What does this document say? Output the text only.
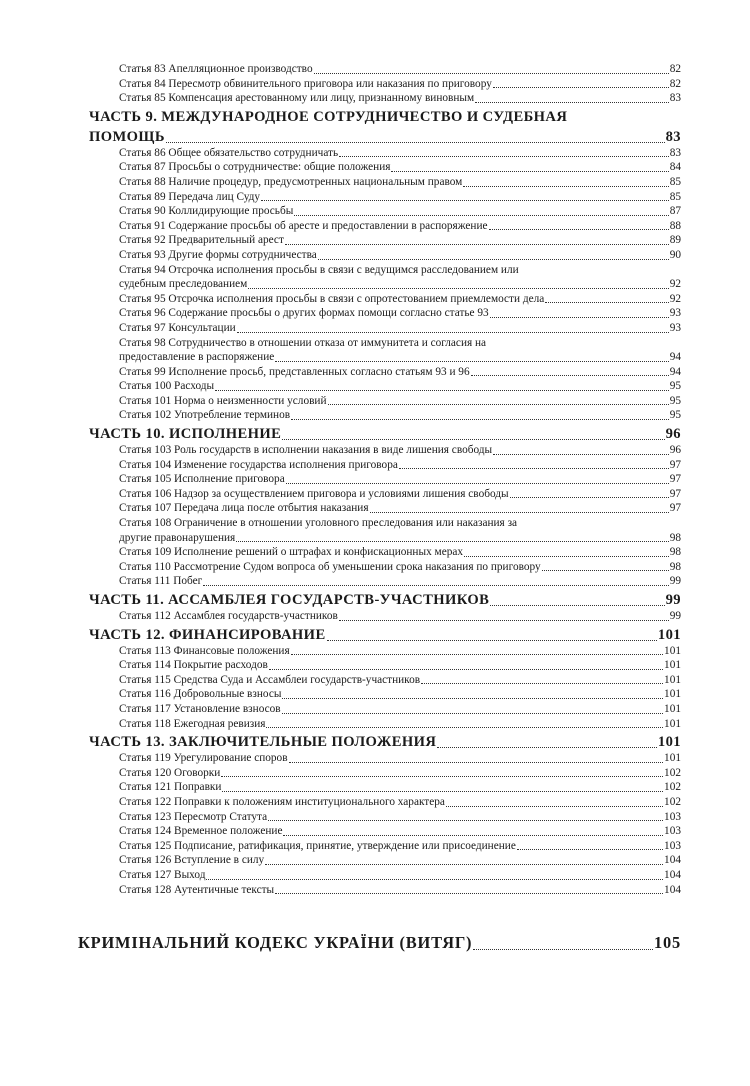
Статья 83 Апелляционное производство	82
Статья 84 Пересмотр обвинительного приговора или наказания по приговору	82
Статья 85 Компенсация арестованному или лицу, признанному виновным	83
ЧАСТЬ 9. МЕЖДУНАРОДНОЕ СОТРУДНИЧЕСТВО И СУДЕБНАЯ
ПОМОЩЬ	83
Статья 86 Общее обязательство сотрудничать	83
Статья 87 Просьбы о сотрудничестве: общие положения	84
Статья 88 Наличие процедур, предусмотренных национальным правом	85
Статья 89 Передача лиц Суду	85
Статья 90 Коллидирующие просьбы	87
Статья 91 Содержание просьбы об аресте и предоставлении в распоряжение	88
Статья 92 Предварительный арест	89
Статья 93 Другие формы сотрудничества	90
Статья 94 Отсрочка исполнения просьбы в связи с ведущимся расследованием или
судебным преследованием	92
Статья 95 Отсрочка исполнения просьбы в связи с опротестованием приемлемости дела	92
Статья 96 Содержание просьбы о других формах помощи согласно статье 93	93
Статья 97 Консультации	93
Статья 98 Сотрудничество в отношении отказа от иммунитета и согласия на
предоставление в распоряжение	94
Статья 99 Исполнение просьб, представленных согласно статьям 93 и 96	94
Статья 100 Расходы	95
Статья 101 Норма о неизменности условий	95
Статья 102 Употребление терминов	95
ЧАСТЬ 10. ИСПОЛНЕНИЕ	96
Статья 103 Роль государств в исполнении наказания в виде лишения свободы	96
Статья 104 Изменение государства исполнения приговора	97
Статья 105 Исполнение приговора	97
Статья 106 Надзор за осуществлением приговора и условиями лишения свободы	97
Статья 107 Передача лица после отбытия наказания	97
Статья 108 Ограничение в отношении уголовного преследования или наказания за
другие правонарушения	98
Статья 109 Исполнение решений о штрафах и конфискационных мерах	98
Статья 110 Рассмотрение Судом вопроса об уменьшении срока наказания по приговору	98
Статья 111 Побег	99
ЧАСТЬ 11. АССАМБЛЕЯ ГОСУДАРСТВ-УЧАСТНИКОВ	99
Статья 112 Ассамблея государств-участников	99
ЧАСТЬ 12. ФИНАНСИРОВАНИЕ	101
Статья 113 Финансовые положения	101
Статья 114 Покрытие расходов	101
Статья 115 Средства Суда и Ассамблеи государств-участников	101
Статья 116 Добровольные взносы	101
Статья 117 Установление взносов	101
Статья 118 Ежегодная ревизия	101
ЧАСТЬ 13. ЗАКЛЮЧИТЕЛЬНЫЕ ПОЛОЖЕНИЯ	101
Статья 119 Урегулирование споров	101
Статья 120 Оговорки	102
Статья 121 Поправки	102
Статья 122 Поправки к положениям институционального характера	102
Статья 123 Пересмотр Статута	103
Статья 124 Временное положение	103
Статья 125 Подписание, ратификация, принятие, утверждение или присоединение	103
Статья 126 Вступление в силу	104
Статья 127 Выход	104
Статья 128 Аутентичные тексты	104
КРИМІНАЛЬНИЙ КОДЕКС УКРАЇНИ (ВИТЯГ)	105
